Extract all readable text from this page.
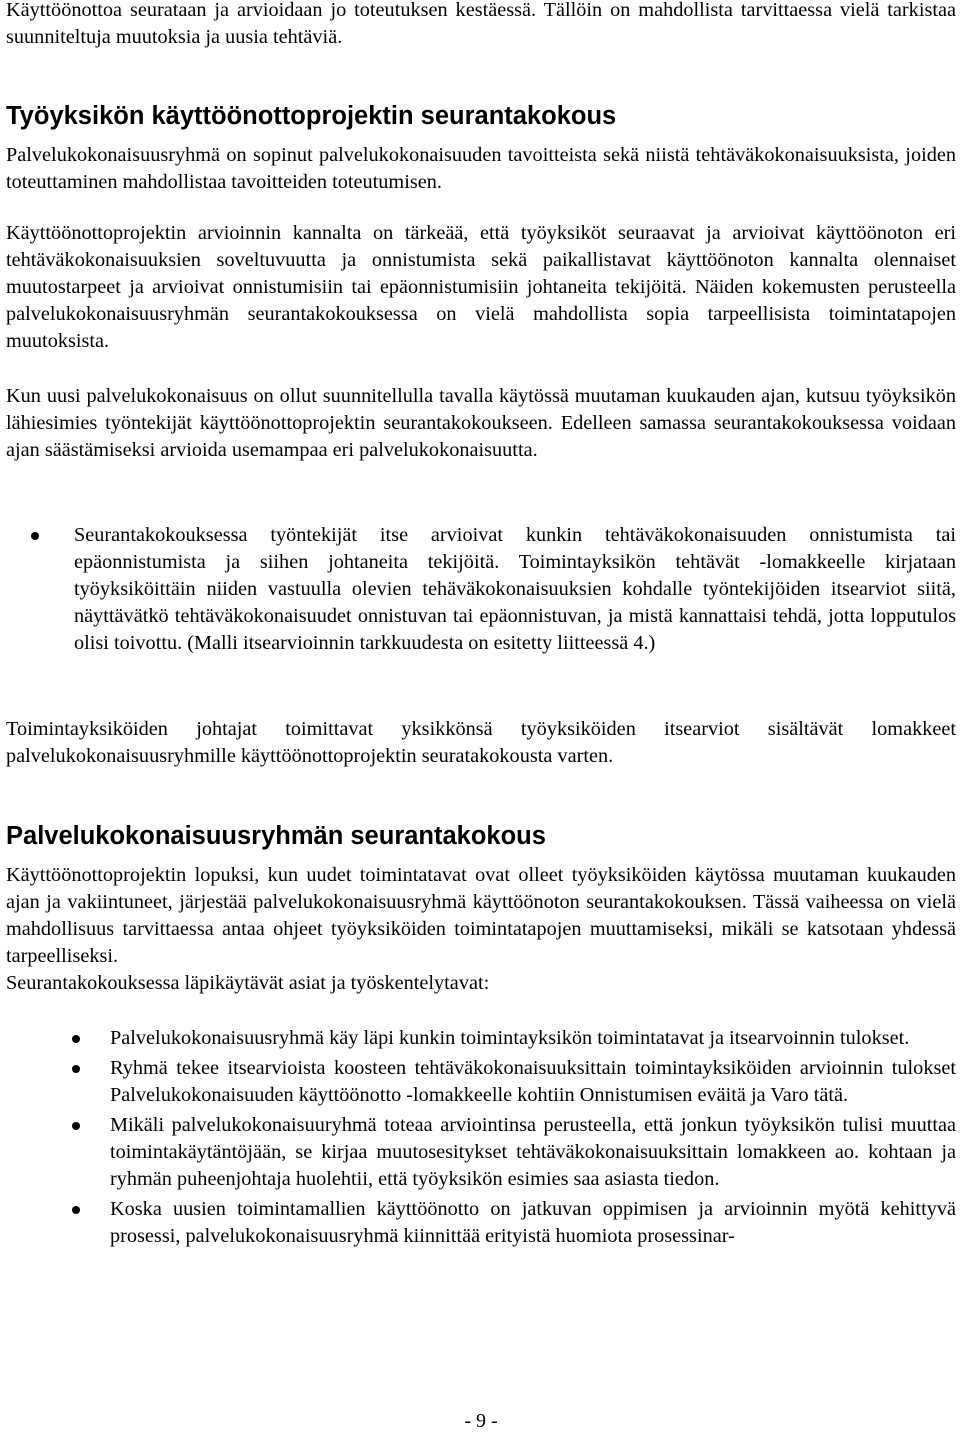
Käyttöönottoa seurataan ja arvioidaan jo toteutuksen kestäessä. Tällöin on mahdollista tarvittaessa vielä tarkistaa suunniteltuja muutoksia ja uusia tehtäviä.

Työyksikön käyttöönottoprojektin seurantakokous

Palvelukokonaisuusryhmä on sopinut palvelukokonaisuuden tavoitteista sekä niistä tehtäväkokonaisuuksista, joiden toteuttaminen mahdollistaa tavoitteiden toteutumisen.

Käyttöönottoprojektin arvioinnin kannalta on tärkeää, että työyksiköt seuraavat ja arvioivat käyttöönoton eri tehtäväkokonaisuuksien soveltuvuutta ja onnistumista sekä paikallistavat käyttöönoton kannalta olennaiset muutostarpeet ja arvioivat onnistumisiin tai epäonnistumisiin johtaneita tekijöitä. Näiden kokemusten perusteella palvelukokonaisuusryhmän seurantakokouksessa on vielä mahdollista sopia tarpeellisista toimintatapojen muutoksista.

Kun uusi palvelukokonaisuus on ollut suunnitellulla tavalla käytössä muutaman kuukauden ajan, kutsuu työyksikön lähiesimies työntekijät käyttöönottoprojektin seurantakokoukseen. Edelleen samassa seurantakokouksessa voidaan ajan säästämiseksi arvioida usemampaa eri palvelukokonaisuutta.

Seurantakokouksessa työntekijät itse arvioivat kunkin tehtäväkokonaisuuden onnistumista tai epäonnistumista ja siihen johtaneita tekijöitä. Toimintayksikön tehtävät -lomakkeelle kirjataan työyksiköittäin niiden vastuulla olevien tehäväkokonaisuuksien kohdalle työntekijöiden itsearviot siitä, näyttävätkö tehtäväkokonaisuudet onnistuvan tai epäonnistuvan, ja mistä kannattaisi tehdä, jotta lopputulos olisi toivottu. (Malli itsearvioinnin tarkkuudesta on esitetty liitteessä 4.)

Toimintayksiköiden johtajat toimittavat yksikkönsä työyksiköiden itsearviot sisältävät lomakkeet palvelukokonaisuusryhmille käyttöönottoprojektin seuratakokousta varten.

Palvelukokonaisuusryhmän seurantakokous

Käyttöönottoprojektin lopuksi, kun uudet toimintatavat ovat olleet työyksiköiden käytössa muutaman kuukauden ajan ja vakiintuneet, järjestää palvelukokonaisuusryhmä käyttöönoton seurantakokouksen. Tässä vaiheessa on vielä mahdollisuus tarvittaessa antaa ohjeet työyksiköiden toimintatapojen muuttamiseksi, mikäli se katsotaan yhdessä tarpeelliseksi.

Seurantakokouksessa läpikäytävät asiat ja työskentelytavat:

Palvelukokonaisuusryhmä käy läpi kunkin toimintayksikön toimintatavat ja itsearvoinnin tulokset.
Ryhmä tekee itsearvioista koosteen tehtäväkokonaisuuksittain toimintayksiköiden arvioinnin tulokset Palvelukokonaisuuden käyttöönotto -lomakkeelle kohtiin Onnistumisen eväitä ja Varo tätä.
Mikäli palvelukokonaisuuryhmä toteaa arviointinsa perusteella, että jonkun työyksikön tulisi muuttaa toimintakäytäntöjään, se kirjaa muutosesitykset tehtäväkokonaisuuksittain lomakkeen ao. kohtaan ja ryhmän puheenjohtaja huolehtii, että työyksikön esimies saa asiasta tiedon.
Koska uusien toimintamallien käyttöönotto on jatkuvan oppimisen ja arvioinnin myötä kehittyvä prosessi, palvelukokonaisuusryhmä kiinnittää erityistä huomiota prosessinar-
- 9 -
